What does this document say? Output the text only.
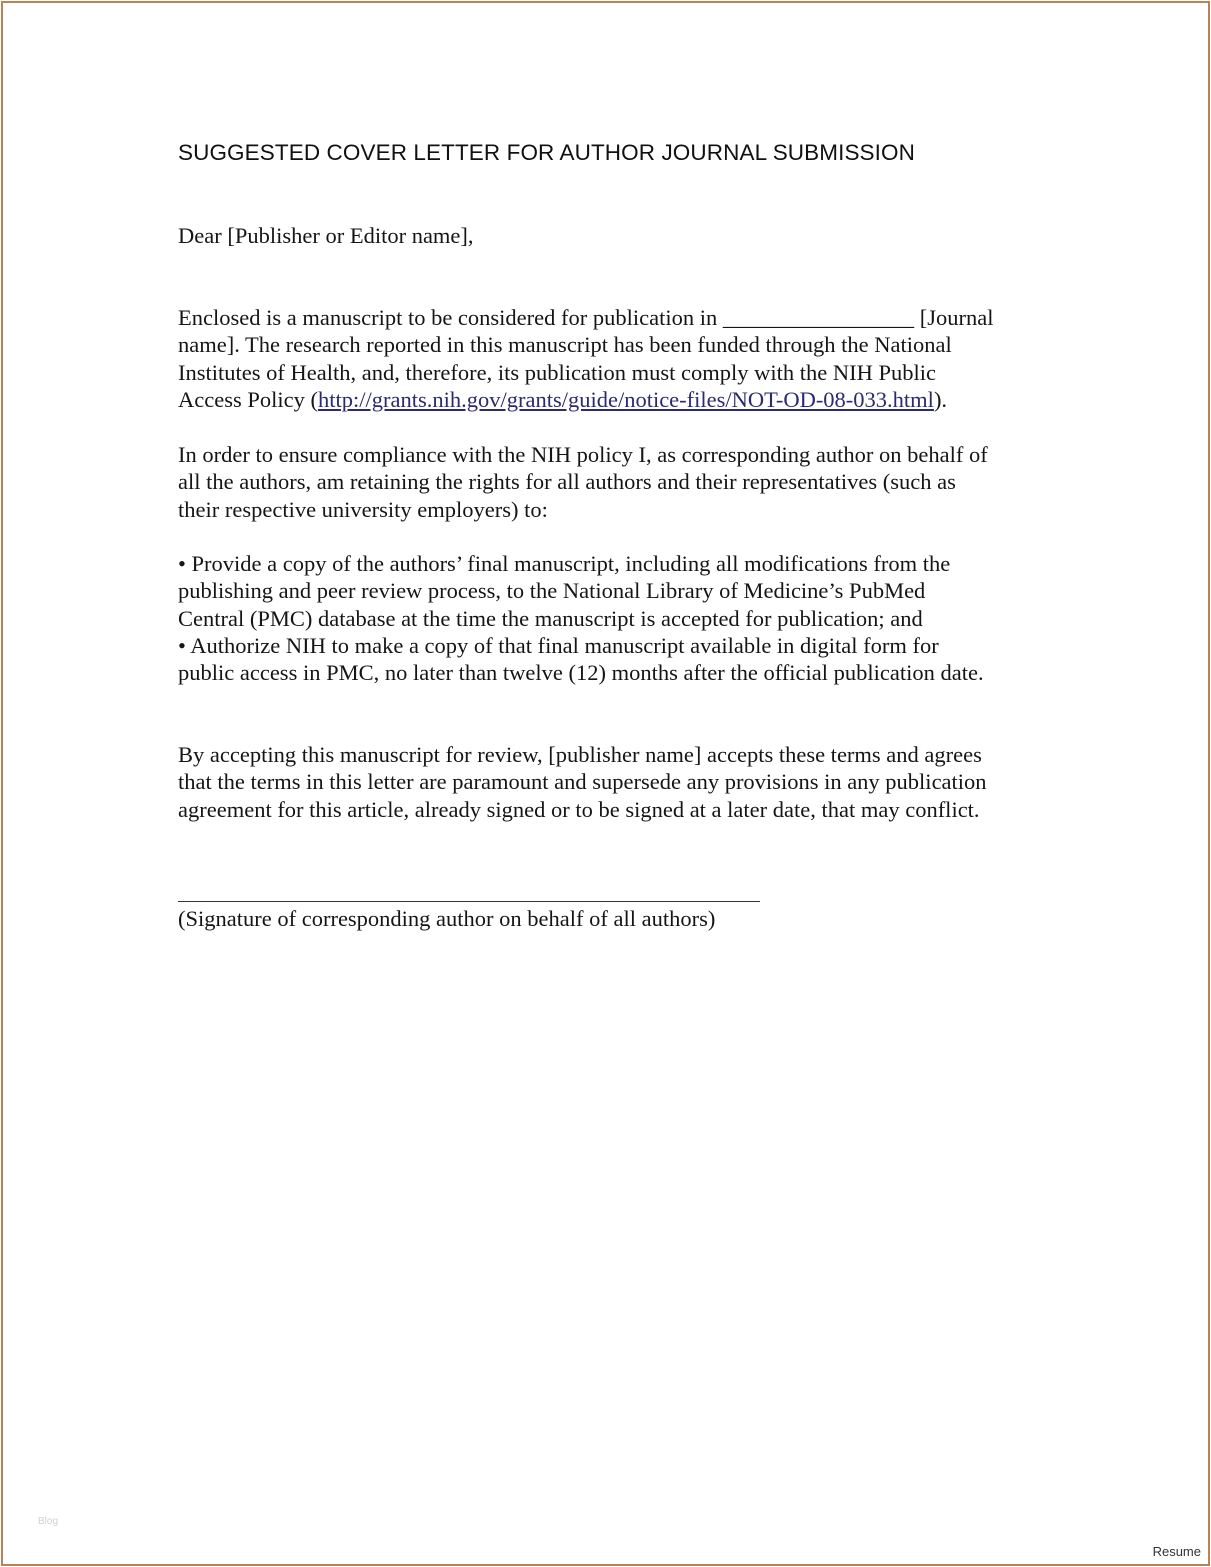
SUGGESTED COVER LETTER FOR AUTHOR JOURNAL SUBMISSION
Dear [Publisher or Editor name],
Enclosed is a manuscript to be considered for publication in _________________ [Journal
name]. The research reported in this manuscript has been funded through the National
Institutes of Health, and, therefore, its publication must comply with the NIH Public
Access Policy (http://grants.nih.gov/grants/guide/notice-files/NOT-OD-08-033.html).
In order to ensure compliance with the NIH policy I, as corresponding author on behalf of
all the authors, am retaining the rights for all authors and their representatives (such as
their respective university employers) to:
• Provide a copy of the authors’ final manuscript, including all modifications from the
publishing and peer review process, to the National Library of Medicine’s PubMed
Central (PMC) database at the time the manuscript is accepted for publication; and
• Authorize NIH to make a copy of that final manuscript available in digital form for
public access in PMC, no later than twelve (12) months after the official publication date.
By accepting this manuscript for review, [publisher name] accepts these terms and agrees
that the terms in this letter are paramount and supersede any provisions in any publication
agreement for this article, already signed or to be signed at a later date, that may conflict.
(Signature of corresponding author on behalf of all authors)
Blog
Resume
